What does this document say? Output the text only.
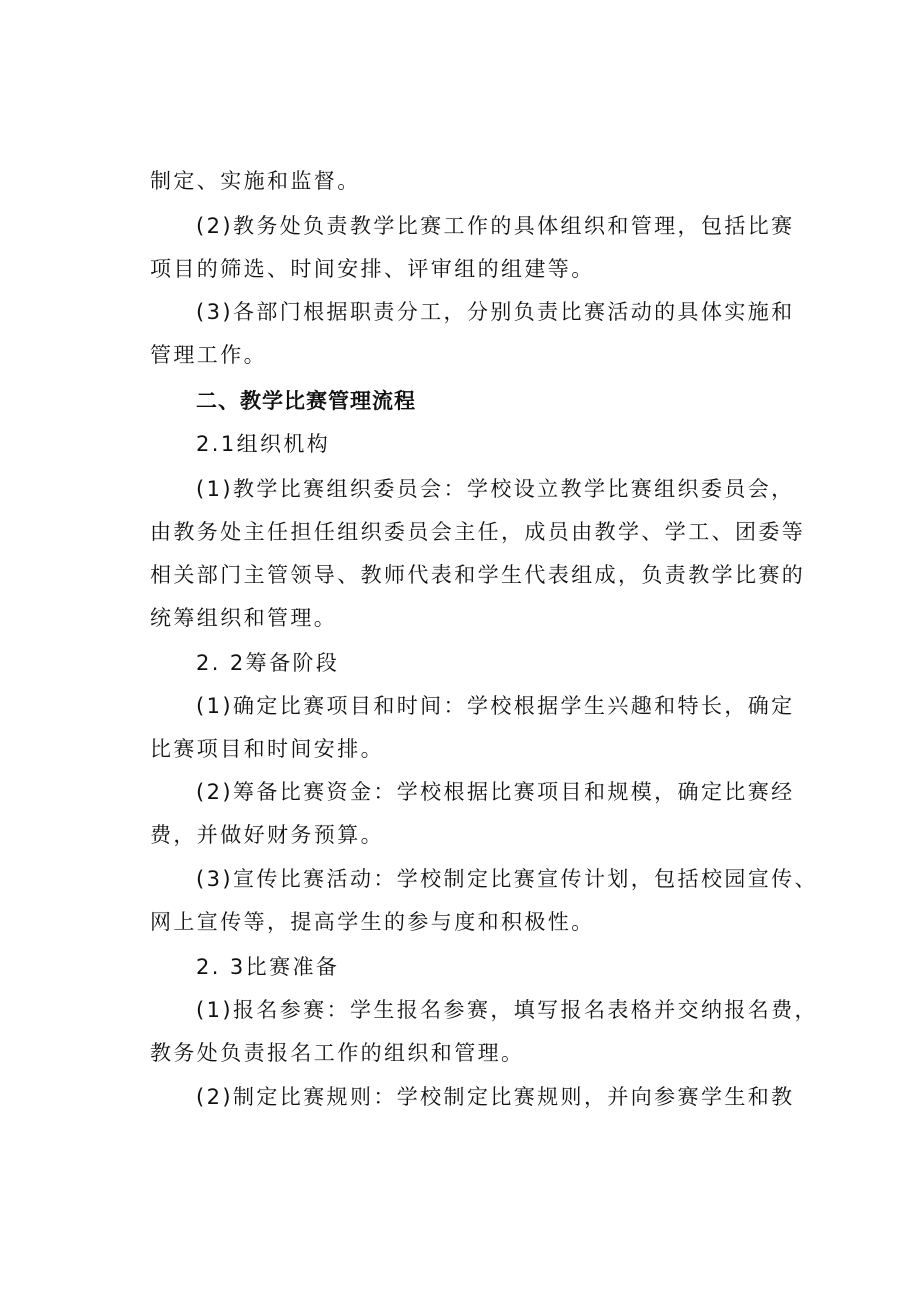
制定、实施和监督。
(2)教务处负责教学比赛工作的具体组织和管理，包括比赛
项目的筛选、时间安排、评审组的组建等。
(3)各部门根据职责分工，分别负责比赛活动的具体实施和
管理工作。
二、教学比赛管理流程
2.1组织机构
(1)教学比赛组织委员会：学校设立教学比赛组织委员会，
由教务处主任担任组织委员会主任，成员由教学、学工、团委等
相关部门主管领导、教师代表和学生代表组成，负责教学比赛的
统筹组织和管理。
2. 2筹备阶段
(1)确定比赛项目和时间：学校根据学生兴趣和特长，确定
比赛项目和时间安排。
(2)筹备比赛资金：学校根据比赛项目和规模，确定比赛经
费，并做好财务预算。
(3)宣传比赛活动：学校制定比赛宣传计划，包括校园宣传、
网上宣传等，提高学生的参与度和积极性。
2. 3比赛准备
(1)报名参赛：学生报名参赛，填写报名表格并交纳报名费，
教务处负责报名工作的组织和管理。
(2)制定比赛规则：学校制定比赛规则，并向参赛学生和教
